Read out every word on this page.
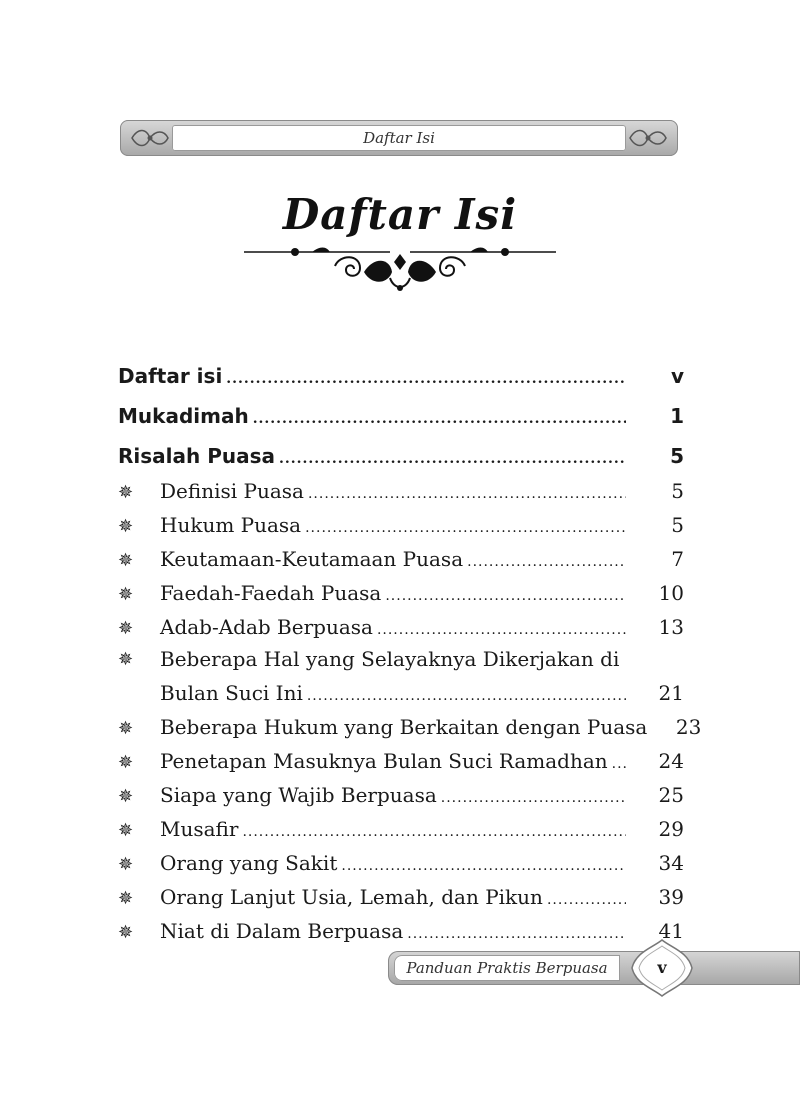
Daftar Isi
Daftar Isi
Daftar isi .....	v
Mukadimah .....	1
Risalah Puasa .....	5
✵	Definisi Puasa .....	5
✵	Hukum Puasa .....	5
✵	Keutamaan-Keutamaan Puasa .....	7
✵	Faedah-Faedah Puasa .....	10
✵	Adab-Adab Berpuasa .....	13
✵	Beberapa Hal yang Selayaknya Dikerjakan di
Bulan Suci Ini .....	21
✵	Beberapa Hukum yang Berkaitan dengan Puasa	23
✵	Penetapan Masuknya Bulan Suci Ramadhan .....	24
✵	Siapa yang Wajib Berpuasa .....	25
✵	Musafir .....	29
✵	Orang yang Sakit .....	34
✵	Orang Lanjut Usia, Lemah, dan Pikun .....	39
✵	Niat di Dalam Berpuasa .....	41
Panduan Praktis Berpuasa	v
